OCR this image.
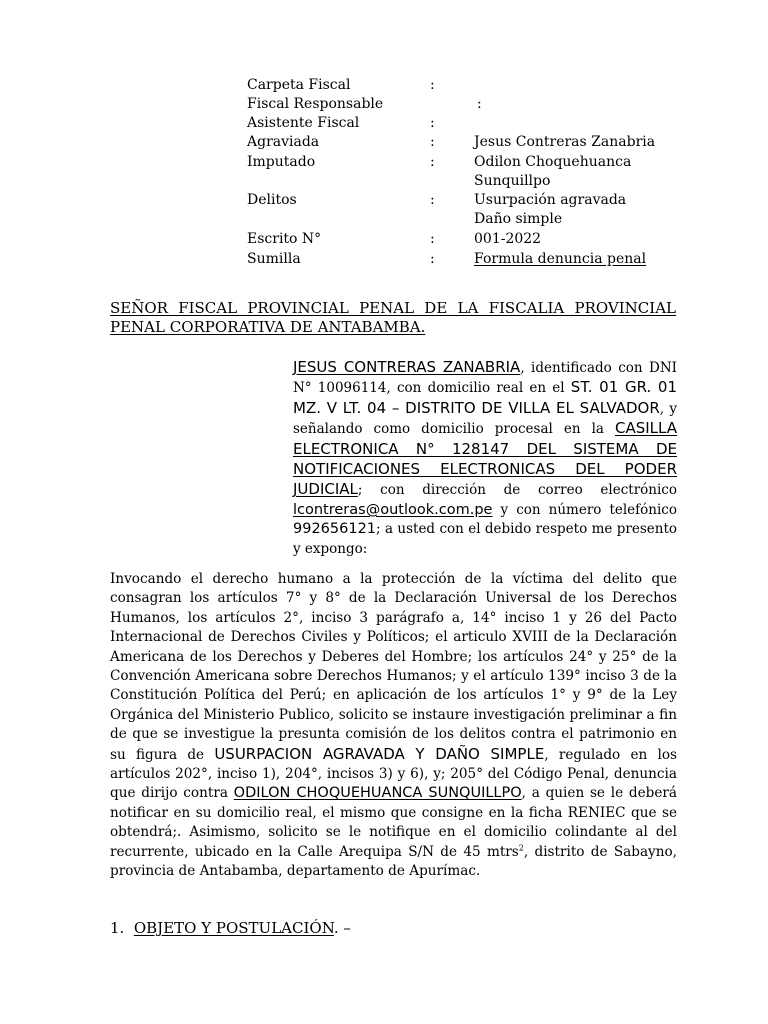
Carpeta Fiscal	:
Fiscal Responsable	:
Asistente Fiscal	:
Agraviada	:	Jesus Contreras Zanabria
Imputado	:	Odilon Choquehuanca
Sunquillpo
Delitos	:	Usurpación agravada
Daño simple
Escrito N°	:	001-2022
Sumilla	:	Formula denuncia penal
SEÑOR FISCAL PROVINCIAL PENAL DE LA FISCALIA PROVINCIAL PENAL CORPORATIVA DE ANTABAMBA.
JESUS CONTRERAS ZANABRIA, identificado con DNI N° 10096114, con domicilio real en el ST. 01 GR. 01 MZ. V LT. 04 – DISTRITO DE VILLA EL SALVADOR, y señalando como domicilio procesal en la CASILLA ELECTRONICA N° 128147 DEL SISTEMA DE NOTIFICACIONES ELECTRONICAS DEL PODER JUDICIAL; con dirección de correo electrónico lcontreras@outlook.com.pe y con número telefónico 992656121; a usted con el debido respeto me presento y expongo:
Invocando el derecho humano a la protección de la víctima del delito que consagran los artículos 7° y 8° de la Declaración Universal de los Derechos Humanos, los artículos 2°, inciso 3 parágrafo a, 14° inciso 1 y 26 del Pacto Internacional de Derechos Civiles y Políticos; el articulo XVIII de la Declaración Americana de los Derechos y Deberes del Hombre; los artículos 24° y 25° de la Convención Americana sobre Derechos Humanos; y el artículo 139° inciso 3 de la Constitución Política del Perú; en aplicación de los artículos 1° y 9° de la Ley Orgánica del Ministerio Publico, solicito se instaure investigación preliminar a fin de que se investigue la presunta comisión de los delitos contra el patrimonio en su figura de USURPACION AGRAVADA Y DAÑO SIMPLE, regulado en los artículos 202°, inciso 1), 204°, incisos 3) y 6), y; 205° del Código Penal, denuncia que dirijo contra ODILON CHOQUEHUANCA SUNQUILLPO, a quien se le deberá notificar en su domicilio real, el mismo que consigne en la ficha RENIEC que se obtendrá;. Asimismo, solicito se le notifique en el domicilio colindante al del recurrente, ubicado en la Calle Arequipa S/N de 45 mtrs$^2$, distrito de Sabayno, provincia de Antabamba, departamento de Apurímac.
1. OBJETO Y POSTULACIÓN. –
